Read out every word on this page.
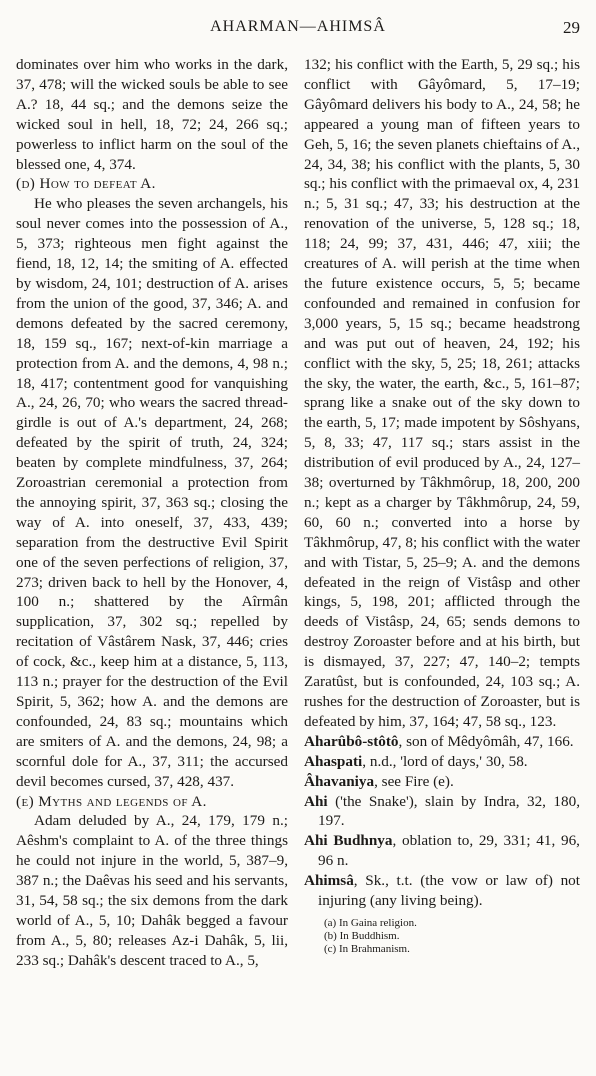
AHARMAN—AHIMSÂ	29

dominates over him who works in the dark, 37, 478; will the wicked souls be able to see A.? 18, 44 sq.; and the demons seize the wicked soul in hell, 18, 72; 24, 266 sq.; powerless to inflict harm on the soul of the blessed one, 4, 374.

(d) How to defeat A.

He who pleases the seven archangels, his soul never comes into the possession of A., 5, 373; righteous men fight against the fiend, 18, 12, 14; the smiting of A. effected by wisdom, 24, 101; destruction of A. arises from the union of the good, 37, 346; A. and demons defeated by the sacred ceremony, 18, 159 sq., 167; next-of-kin marriage a protection from A. and the demons, 4, 98 n.; 18, 417; contentment good for vanquishing A., 24, 26, 70; who wears the sacred thread-girdle is out of A.'s department, 24, 268; defeated by the spirit of truth, 24, 324; beaten by complete mindfulness, 37, 264; Zoroastrian ceremonial a protection from the annoying spirit, 37, 363 sq.; closing the way of A. into oneself, 37, 433, 439; separation from the destructive Evil Spirit one of the seven perfections of religion, 37, 273; driven back to hell by the Honover, 4, 100 n.; shattered by the Aîrmân supplication, 37, 302 sq.; repelled by recitation of Vâstârem Nask, 37, 446; cries of cock, &c., keep him at a distance, 5, 113, 113 n.; prayer for the destruction of the Evil Spirit, 5, 362; how A. and the demons are confounded, 24, 83 sq.; mountains which are smiters of A. and the demons, 24, 98; a scornful dole for A., 37, 311; the accursed devil becomes cursed, 37, 428, 437.

(e) Myths and legends of A.

Adam deluded by A., 24, 179, 179 n.; Aêshm's complaint to A. of the three things he could not injure in the world, 5, 387–9, 387 n.; the Daêvas his seed and his servants, 31, 54, 58 sq.; the six demons from the dark world of A., 5, 10; Dahâk begged a favour from A., 5, 80; releases Az-i Dahâk, 5, lii, 233 sq.; Dahâk's descent traced to A., 5,

132; his conflict with the Earth, 5, 29 sq.; his conflict with Gâyômard, 5, 17–19; Gâyômard delivers his body to A., 24, 58; he appeared a young man of fifteen years to Geh, 5, 16; the seven planets chieftains of A., 24, 34, 38; his conflict with the plants, 5, 30 sq.; his conflict with the primaeval ox, 4, 231 n.; 5, 31 sq.; 47, 33; his destruction at the renovation of the universe, 5, 128 sq.; 18, 118; 24, 99; 37, 431, 446; 47, xiii; the creatures of A. will perish at the time when the future existence occurs, 5, 5; became confounded and remained in confusion for 3,000 years, 5, 15 sq.; became headstrong and was put out of heaven, 24, 192; his conflict with the sky, 5, 25; 18, 261; attacks the sky, the water, the earth, &c., 5, 161–87; sprang like a snake out of the sky down to the earth, 5, 17; made impotent by Sôshyans, 5, 8, 33; 47, 117 sq.; stars assist in the distribution of evil produced by A., 24, 127–38; overturned by Tâkhmôrup, 18, 200, 200 n.; kept as a charger by Tâkhmôrup, 24, 59, 60, 60 n.; converted into a horse by Tâkhmôrup, 47, 8; his conflict with the water and with Tistar, 5, 25–9; A. and the demons defeated in the reign of Vistâsp and other kings, 5, 198, 201; afflicted through the deeds of Vistâsp, 24, 65; sends demons to destroy Zoroaster before and at his birth, but is dismayed, 37, 227; 47, 140–2; tempts Zaratûst, but is confounded, 24, 103 sq.; A. rushes for the destruction of Zoroaster, but is defeated by him, 37, 164; 47, 58 sq., 123.

Aharûbô-stôtô, son of Mêdyômâh, 47, 166.

Ahaspati, n.d., 'lord of days,' 30, 58.

Âhavaniya, see Fire (e).

Ahi ('the Snake'), slain by Indra, 32, 180, 197.

Ahi Budhnya, oblation to, 29, 331; 41, 96, 96 n.

Ahimsâ, Sk., t.t. (the vow or law of) not injuring (any living being).

(a) In Gaina religion.
(b) In Buddhism.
(c) In Brahmanism.
